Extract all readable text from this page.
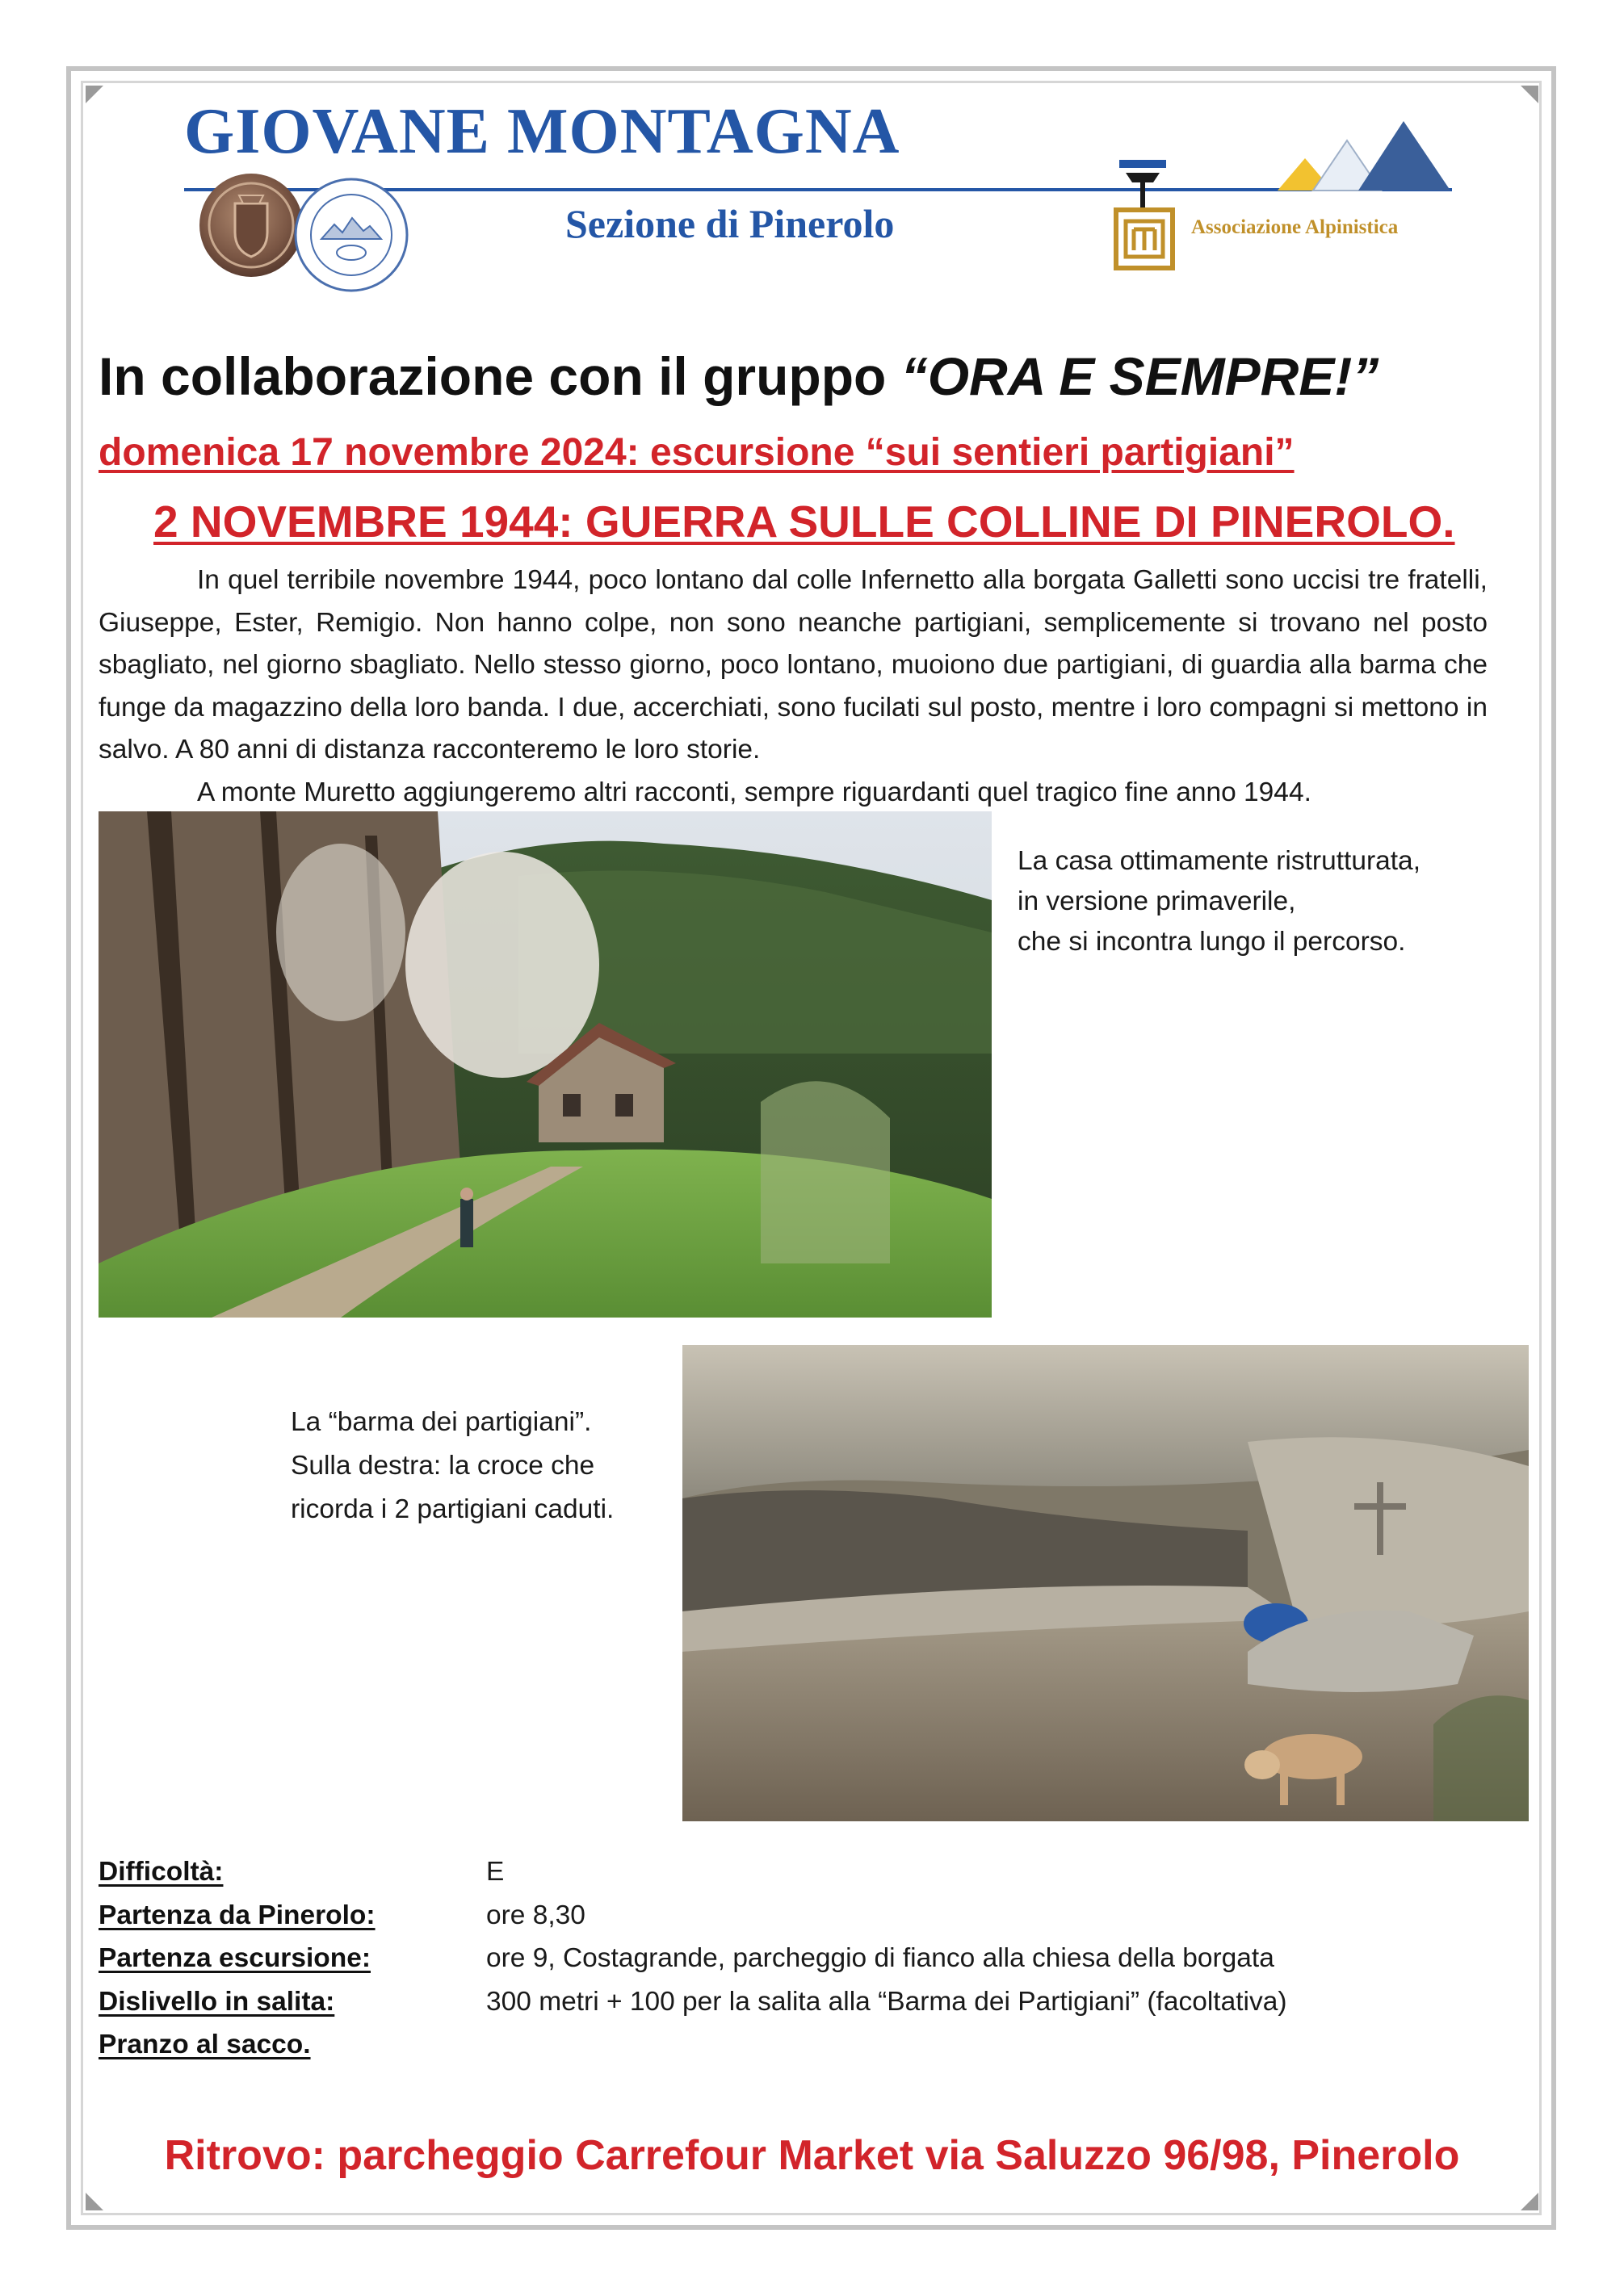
GIOVANE MONTAGNA
Sezione di Pinerolo	Associazione Alpinistica
In collaborazione con il gruppo “ORA E SEMPRE!”
domenica 17 novembre 2024: escursione “sui sentieri partigiani”
2 NOVEMBRE 1944: GUERRA SULLE COLLINE DI PINEROLO.

In quel terribile novembre 1944, poco lontano dal colle Infernetto alla borgata Galletti sono uccisi tre fratelli, Giuseppe, Ester, Remigio. Non hanno colpe, non sono neanche partigiani, semplicemente si trovano nel posto sbagliato, nel giorno sbagliato. Nello stesso giorno, poco lontano, muoiono due partigiani, di guardia alla barma che funge da magazzino della loro banda. I due, accerchiati, sono fucilati sul posto, mentre i loro compagni si mettono in salvo. A 80 anni di distanza racconteremo le loro storie.

A monte Muretto aggiungeremo altri racconti, sempre riguardanti quel tragico fine anno 1944.

La casa ottimamente ristrutturata,
in versione primaverile,
che si incontra lungo il percorso.
La “barma dei partigiani”.
Sulla destra: la croce che
ricorda i 2 partigiani caduti.
Difficoltà:	E
Partenza da Pinerolo:	ore 8,30
Partenza escursione:	ore 9, Costagrande, parcheggio di fianco alla chiesa della borgata
Dislivello in salita:	300 metri + 100 per la salita alla “Barma dei Partigiani” (facoltativa)
Pranzo al sacco.
Ritrovo: parcheggio Carrefour Market via Saluzzo 96/98, Pinerolo
